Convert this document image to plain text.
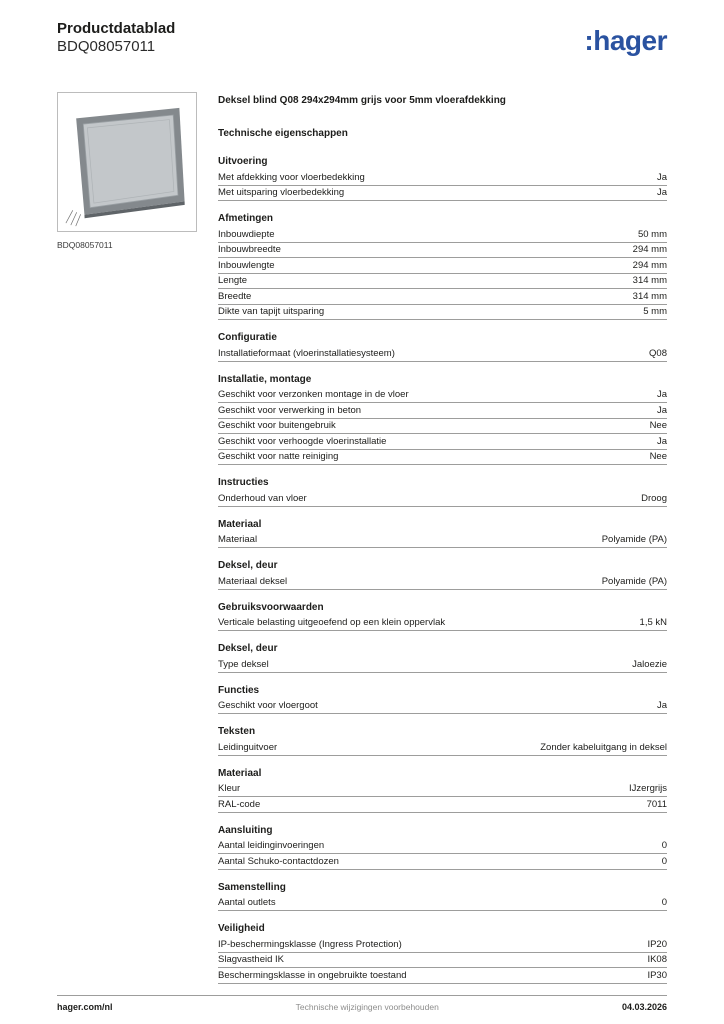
Productdatablad
BDQ08057011	:hager
BDQ08057011
Deksel blind Q08 294x294mm grijs voor 5mm vloerafdekking
Technische eigenschappen
Uitvoering
Met afdekking voor vloerbedekking	Ja
Met uitsparing vloerbedekking	Ja
Afmetingen
Inbouwdiepte	50 mm
Inbouwbreedte	294 mm
Inbouwlengte	294 mm
Lengte	314 mm
Breedte	314 mm
Dikte van tapijt uitsparing	5 mm
Configuratie
Installatieformaat (vloerinstallatiesysteem)	Q08
Installatie, montage
Geschikt voor verzonken montage in de vloer	Ja
Geschikt voor verwerking in beton	Ja
Geschikt voor buitengebruik	Nee
Geschikt voor verhoogde vloerinstallatie	Ja
Geschikt voor natte reiniging	Nee
Instructies
Onderhoud van vloer	Droog
Materiaal
Materiaal	Polyamide (PA)
Deksel, deur
Materiaal deksel	Polyamide (PA)
Gebruiksvoorwaarden
Verticale belasting uitgeoefend op een klein oppervlak	1,5 kN
Deksel, deur
Type deksel	Jaloezie
Functies
Geschikt voor vloergoot	Ja
Teksten
Leidinguitvoer	Zonder kabeluitgang in deksel
Materiaal
Kleur	IJzergrijs
RAL-code	7011
Aansluiting
Aantal leidinginvoeringen	0
Aantal Schuko-contactdozen	0
Samenstelling
Aantal outlets	0
Veiligheid
IP-beschermingsklasse (Ingress Protection)	IP20
Slagvastheid IK	IK08
Beschermingsklasse in ongebruikte toestand	IP30
hager.com/nl	Technische wijzigingen voorbehouden	04.03.2026
